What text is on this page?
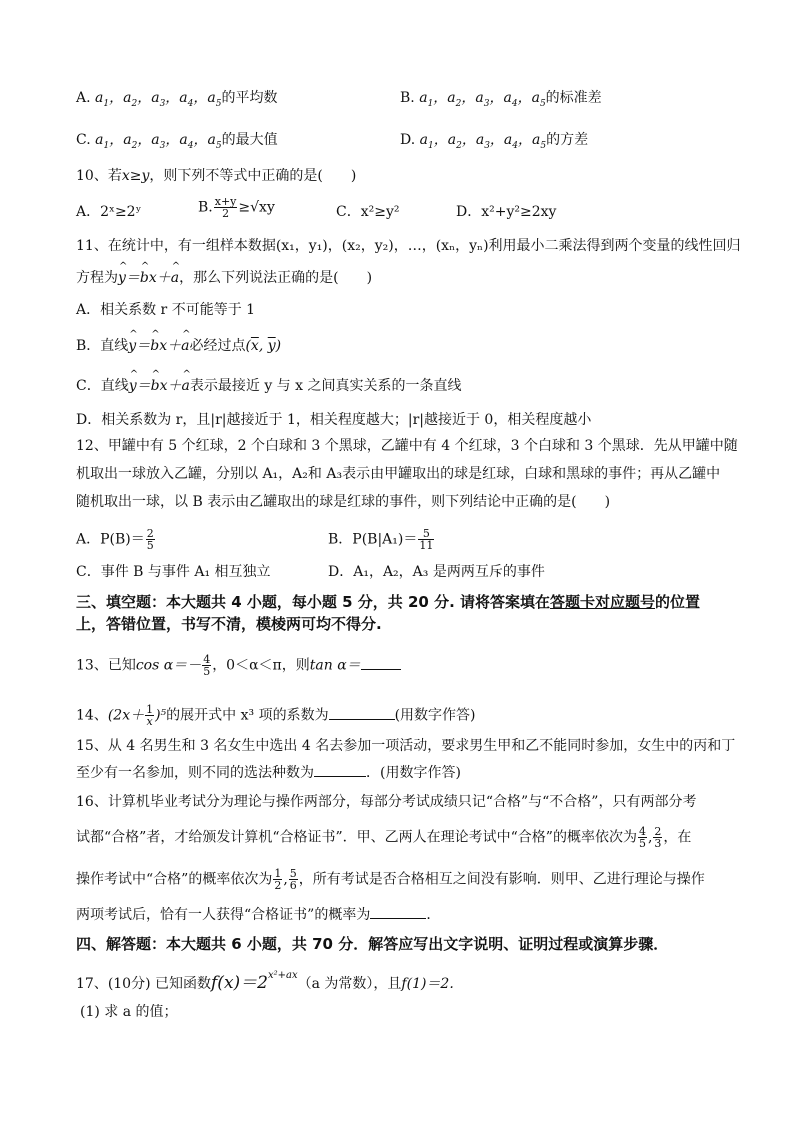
A. $a_1$，$a_2$，$a_3$，$a_4$，$a_5$的平均数	B. $a_1$，$a_2$，$a_3$，$a_4$，$a_5$的标准差
C. $a_1$，$a_2$，$a_3$，$a_4$，$a_5$的最大值	D. $a_1$，$a_2$，$a_3$，$a_4$，$a_5$的方差
10、若x≥y，则下列不等式中正确的是(　　)
A．2ˣ≥2ʸ	B. $\frac{x+y}{2} \ge√xy$	C．x²≥y²	D．x²+y²≥2xy
11、在统计中，有一组样本数据(x₁，y₁)，(x₂，y₂)，…，(xₙ，yₙ)利用最小二乘法得到两个变量的线性回归
方程为^ y＝^ bx＋^ a，那么下列说法正确的是(　　)
A．相关系数 r 不可能等于 1
B．直线^ y＝^ bx＋^ a必经过点($\overline{x}$, $\overline{y}$)
C．直线^ y＝^ bx＋^ a表示最接近 y 与 x 之间真实关系的一条直线
D．相关系数为 r，且|r|越接近于 1，相关程度越大；|r|越接近于 0，相关程度越小
12、甲罐中有 5 个红球，2 个白球和 3 个黑球，乙罐中有 4 个红球，3 个白球和 3 个黑球．先从甲罐中随
机取出一球放入乙罐，分别以 A₁，A₂和 A₃表示由甲罐取出的球是红球，白球和黑球的事件；再从乙罐中
随机取出一球，以 B 表示由乙罐取出的球是红球的事件，则下列结论中正确的是(　　)
A．$P(B)= \frac{2}{5}$	B．$P(B|A_1)= \frac{5}{11}$
C．事件 B 与事件 A₁ 相互独立	D．A₁，A₂，A₃ 是两两互斥的事件
三、填空题：本大题共 4 小题，每小题 5 分，共 20 分. 请将答案填在答题卡对应题号的位置
上，答错位置，书写不清，模棱两可均不得分.
13、已知$\cos \alpha=- \frac{4}{5}$ ，0＜α＜π，则tan α＝
14、$(2x+ \frac{1}{x} )^5$的展开式中 x³ 项的系数为	(用数字作答)
15、从 4 名男生和 3 名女生中选出 4 名去参加一项活动，要求男生甲和乙不能同时参加，女生中的丙和丁
至少有一名参加，则不同的选法种数为	．(用数字作答)
16、计算机毕业考试分为理论与操作两部分，每部分考试成绩只记“合格”与“不合格”，只有两部分考
试都“合格”者，才给颁发计算机“合格证书”．甲、乙两人在理论考试中“合格”的概率依次为 $\frac{4}{5}$ , $\frac{2}{3}$ ，在
操作考试中“合格”的概率依次为 $\frac{1}{2}$ , $\frac{5}{6}$ ，所有考试是否合格相互之间没有影响．则甲、乙进行理论与操作
两项考试后，恰有一人获得“合格证书”的概率为	．
四、解答题：本大题共 6 小题，共 70 分．解答应写出文字说明、证明过程或演算步骤．
17、(10分) 已知函数$f(x)=2^{x^2+ax}(a$ 为常数），且f(1)＝2.
(1) 求 a 的值；
